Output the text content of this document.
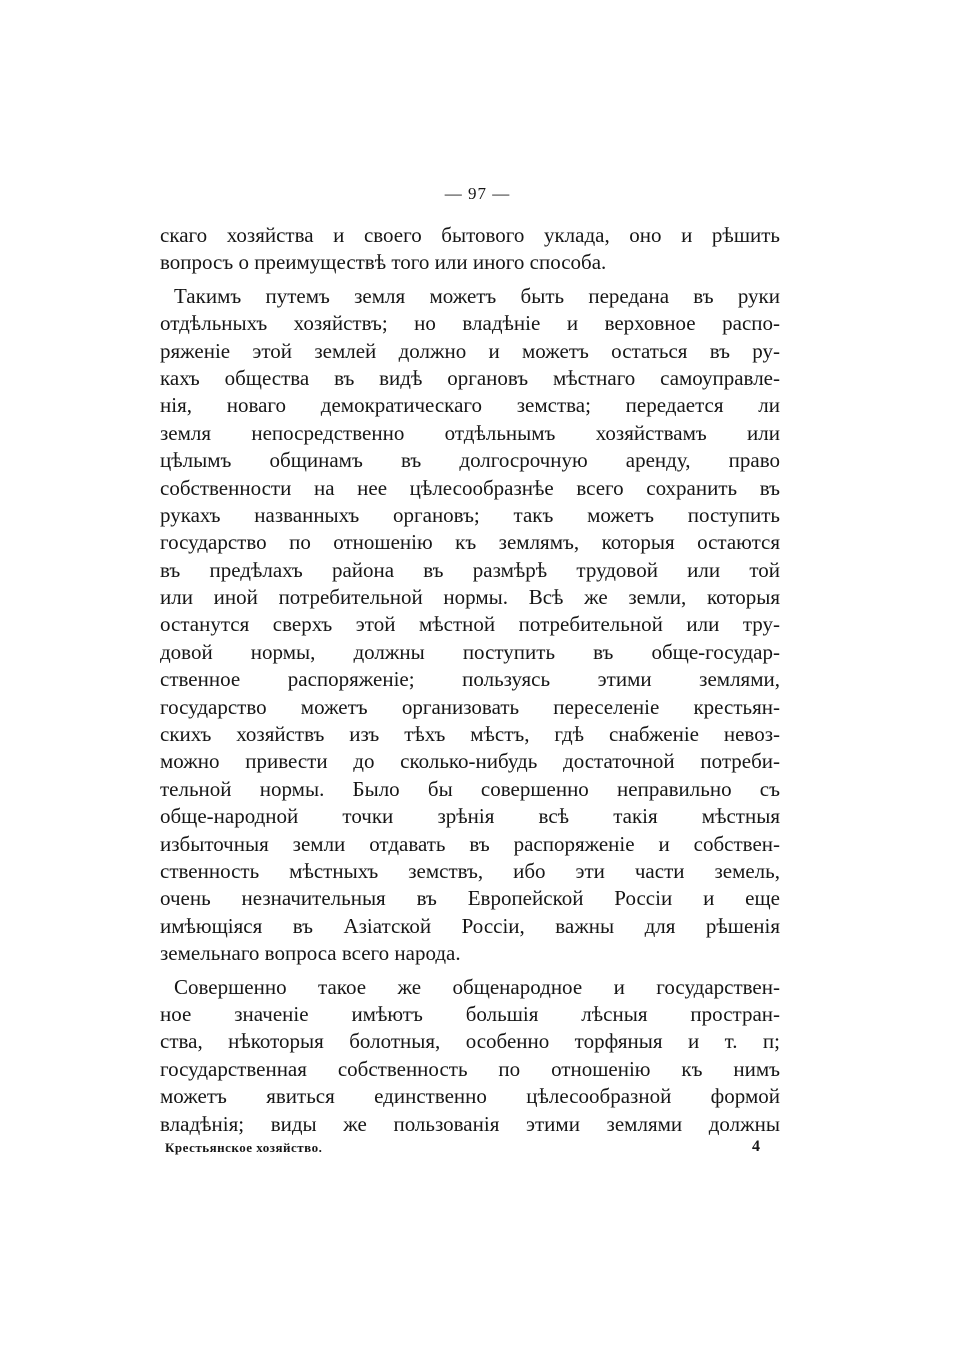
— 97 —
скаго хозяйства и своего бытового уклада, оно и рѣшить
вопросъ о преимуществѣ того или иного способа.
Такимъ путемъ земля можетъ быть передана въ руки
отдѣльныхъ хозяйствъ; но владѣніе и верховное распо-
ряженіе этой землей должно и можетъ остаться въ ру-
кахъ общества въ видѣ органовъ мѣстнаго самоуправле-
нія, новаго демократическаго земства; передается ли
земля непосредственно отдѣльнымъ хозяйствамъ или
цѣлымъ общинамъ въ долгосрочную аренду, право
собственности на нее цѣлесообразнѣе всего сохранить въ
рукахъ названныхъ органовъ; такъ можетъ поступить
государство по отношенію къ землямъ, которыя остаются
въ предѣлахъ района въ размѣрѣ трудовой или той
или иной потребительной нормы. Всѣ же земли, которыя
останутся сверхъ этой мѣстной потребительной или тру-
довой нормы, должны поступить въ обще-государ-
ственное распоряженіе; пользуясь этими землями,
государство можетъ организовать переселеніе крестьян-
скихъ хозяйствъ изъ тѣхъ мѣстъ, гдѣ снабженіе невоз-
можно привести до сколько-нибудь достаточной потреби-
тельной нормы. Было бы совершенно неправильно съ
обще-народной точки зрѣнія всѣ такія мѣстныя
избыточныя земли отдавать въ распоряженіе и собствен-
ственность мѣстныхъ земствъ, ибо эти части земель,
очень незначительныя въ Европейской Россіи и еще
имѣющіяся въ Азіатской Россіи, важны для рѣшенія
земельнаго вопроса всего народа.
Совершенно такое же общенародное и государствен-
ное значеніе имѣютъ большія лѣсныя простран-
ства, нѣкоторыя болотныя, особенно торфяныя и т. п;
государственная собственность по отношенію къ нимъ
можетъ явиться единственно цѣлесообразной формой
владѣнія; виды же пользованія этими землями должны
Крестьянское хозяйство.	4
